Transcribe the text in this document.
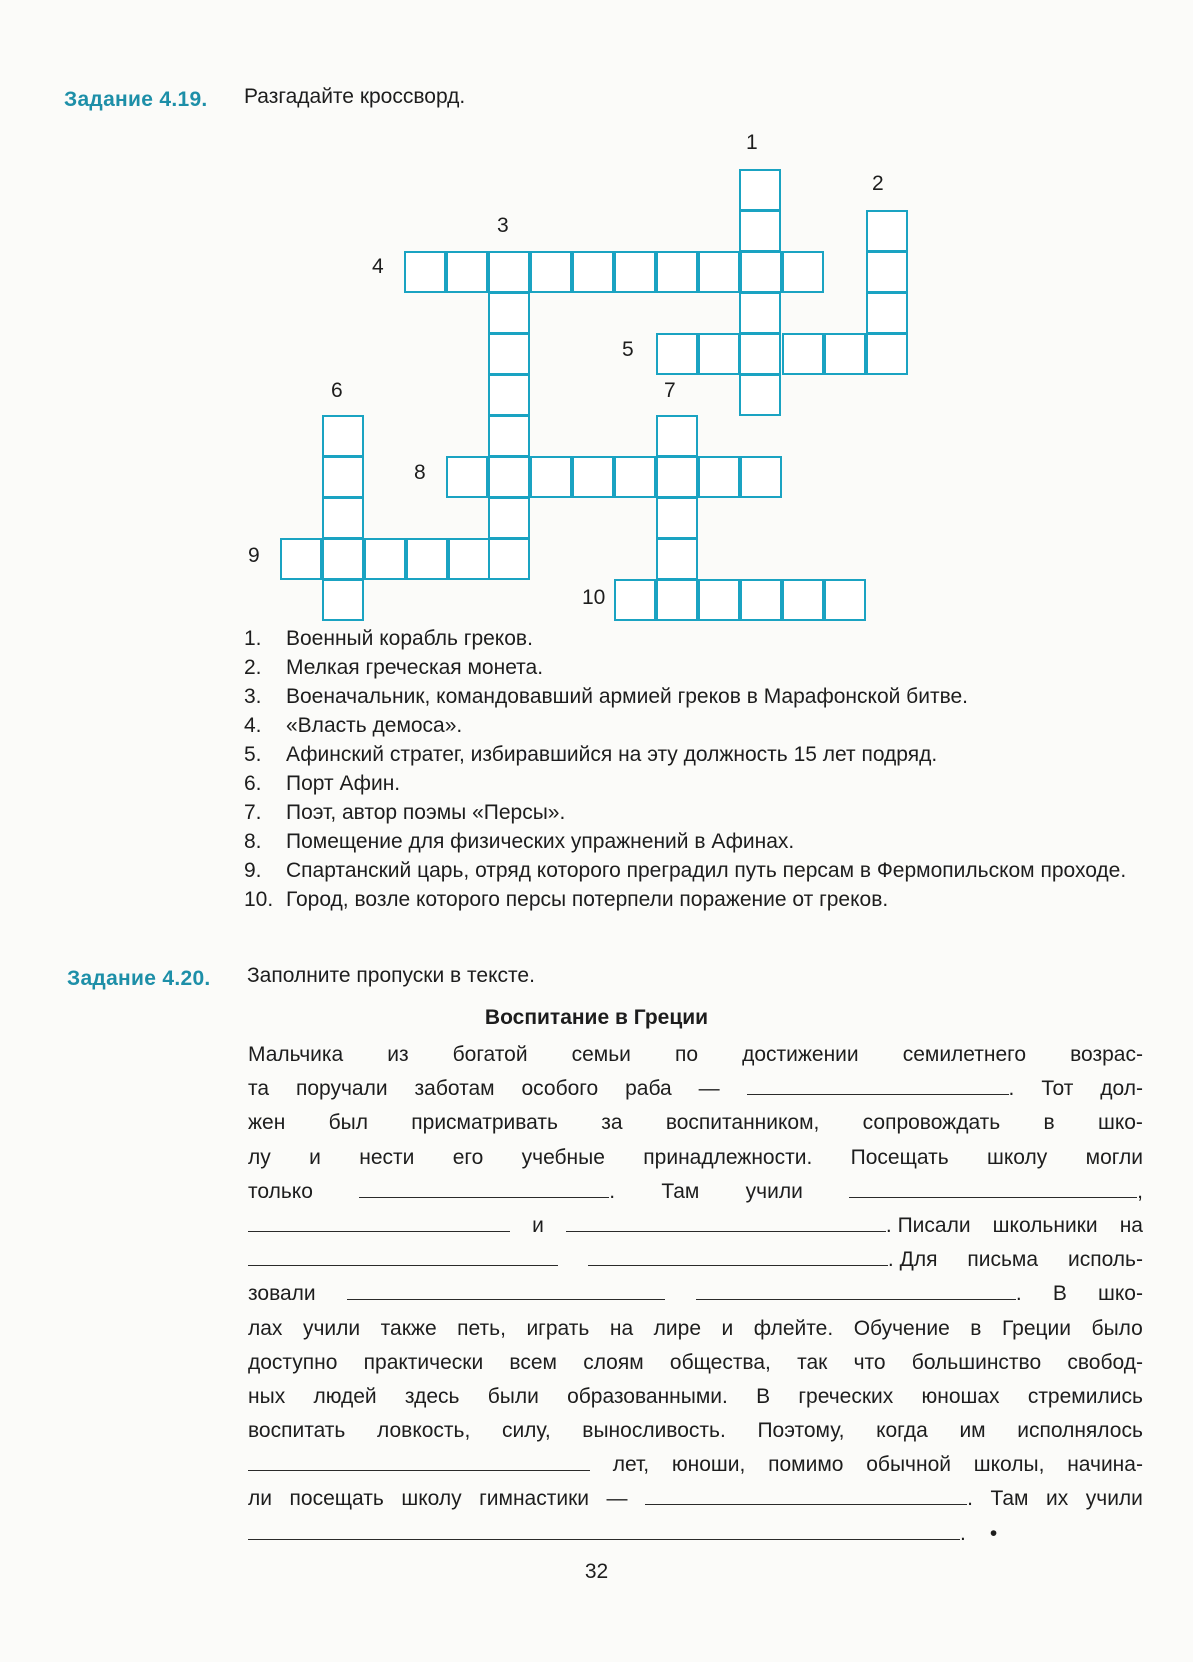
Задание 4.19. Разгадайте кроссворд.
1
2
3
4
5
6	7
8
9
10
1.	Военный корабль греков.
2.	Мелкая греческая монета.
3.	Военачальник, командовавший армией греков в Марафонской битве.
4.	«Власть демоса».
5.	Афинский стратег, избиравшийся на эту должность 15 лет подряд.
6.	Порт Афин.
7.	Поэт, автор поэмы «Персы».
8.	Помещение для физических упражнений в Афинах.
9.	Спартанский царь, отряд которого преградил путь персам в Фермопильском проходе.
10. Город, возле которого персы потерпели поражение от греков.
Задание 4.20. Заполните пропуски в тексте.
Воспитание в Греции
Мальчика из богатой семьи по достижении семилетнего возрас-
та поручали заботам особого раба —	. Тот дол-
жен был присматривать за воспитанником, сопровождать в шко-
лу и нести его учебные принадлежности. Посещать школу могли
только	. Там учили	,
и	. Писали школьники на
. Для письма исполь-
зовали	. В шко-
лах учили также петь, играть на лире и флейте. Обучение в Греции было
доступно практически всем слоям общества, так что большинство свобод-
ных людей здесь были образованными. В греческих юношах стремились
воспитать ловкость, силу, выносливость. Поэтому, когда им исполнялось
лет, юноши, помимо обычной школы, начина-
ли посещать школу гимнастики —	. Там их учили
. •
32
